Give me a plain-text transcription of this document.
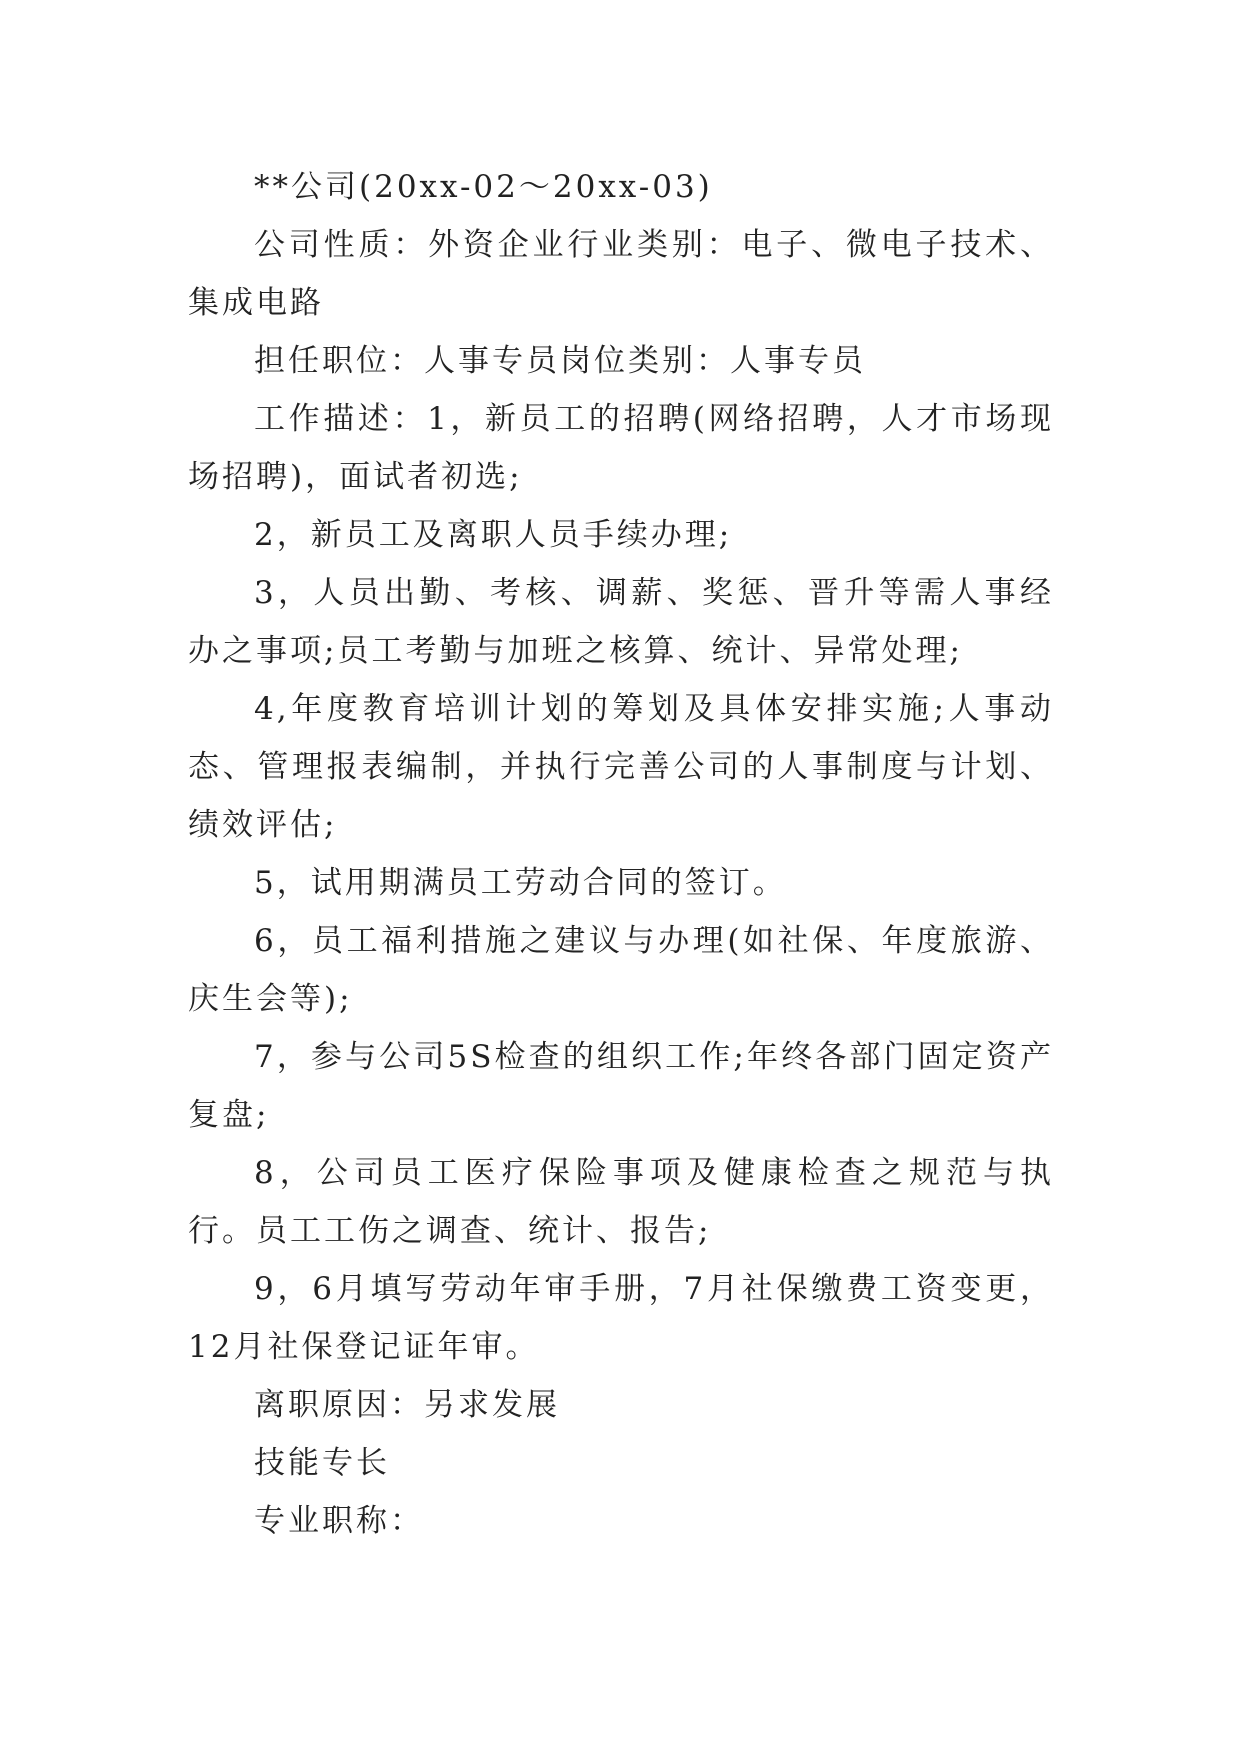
**公司(20xx-02～20xx-03)

公司性质：外资企业行业类别：电子、微电子技术、集成电路

担任职位：人事专员岗位类别：人事专员

工作描述：1，新员工的招聘(网络招聘，人才市场现场招聘)，面试者初选;

2，新员工及离职人员手续办理;

3，人员出勤、考核、调薪、奖惩、晋升等需人事经办之事项;员工考勤与加班之核算、统计、异常处理;

4,年度教育培训计划的筹划及具体安排实施;人事动态、管理报表编制，并执行完善公司的人事制度与计划、绩效评估;

5，试用期满员工劳动合同的签订。

6，员工福利措施之建议与办理(如社保、年度旅游、庆生会等);

7，参与公司5S检查的组织工作;年终各部门固定资产复盘;

8，公司员工医疗保险事项及健康检查之规范与执行。员工工伤之调查、统计、报告;

9，6月填写劳动年审手册，7月社保缴费工资变更，12月社保登记证年审。

离职原因：另求发展

技能专长

专业职称：
